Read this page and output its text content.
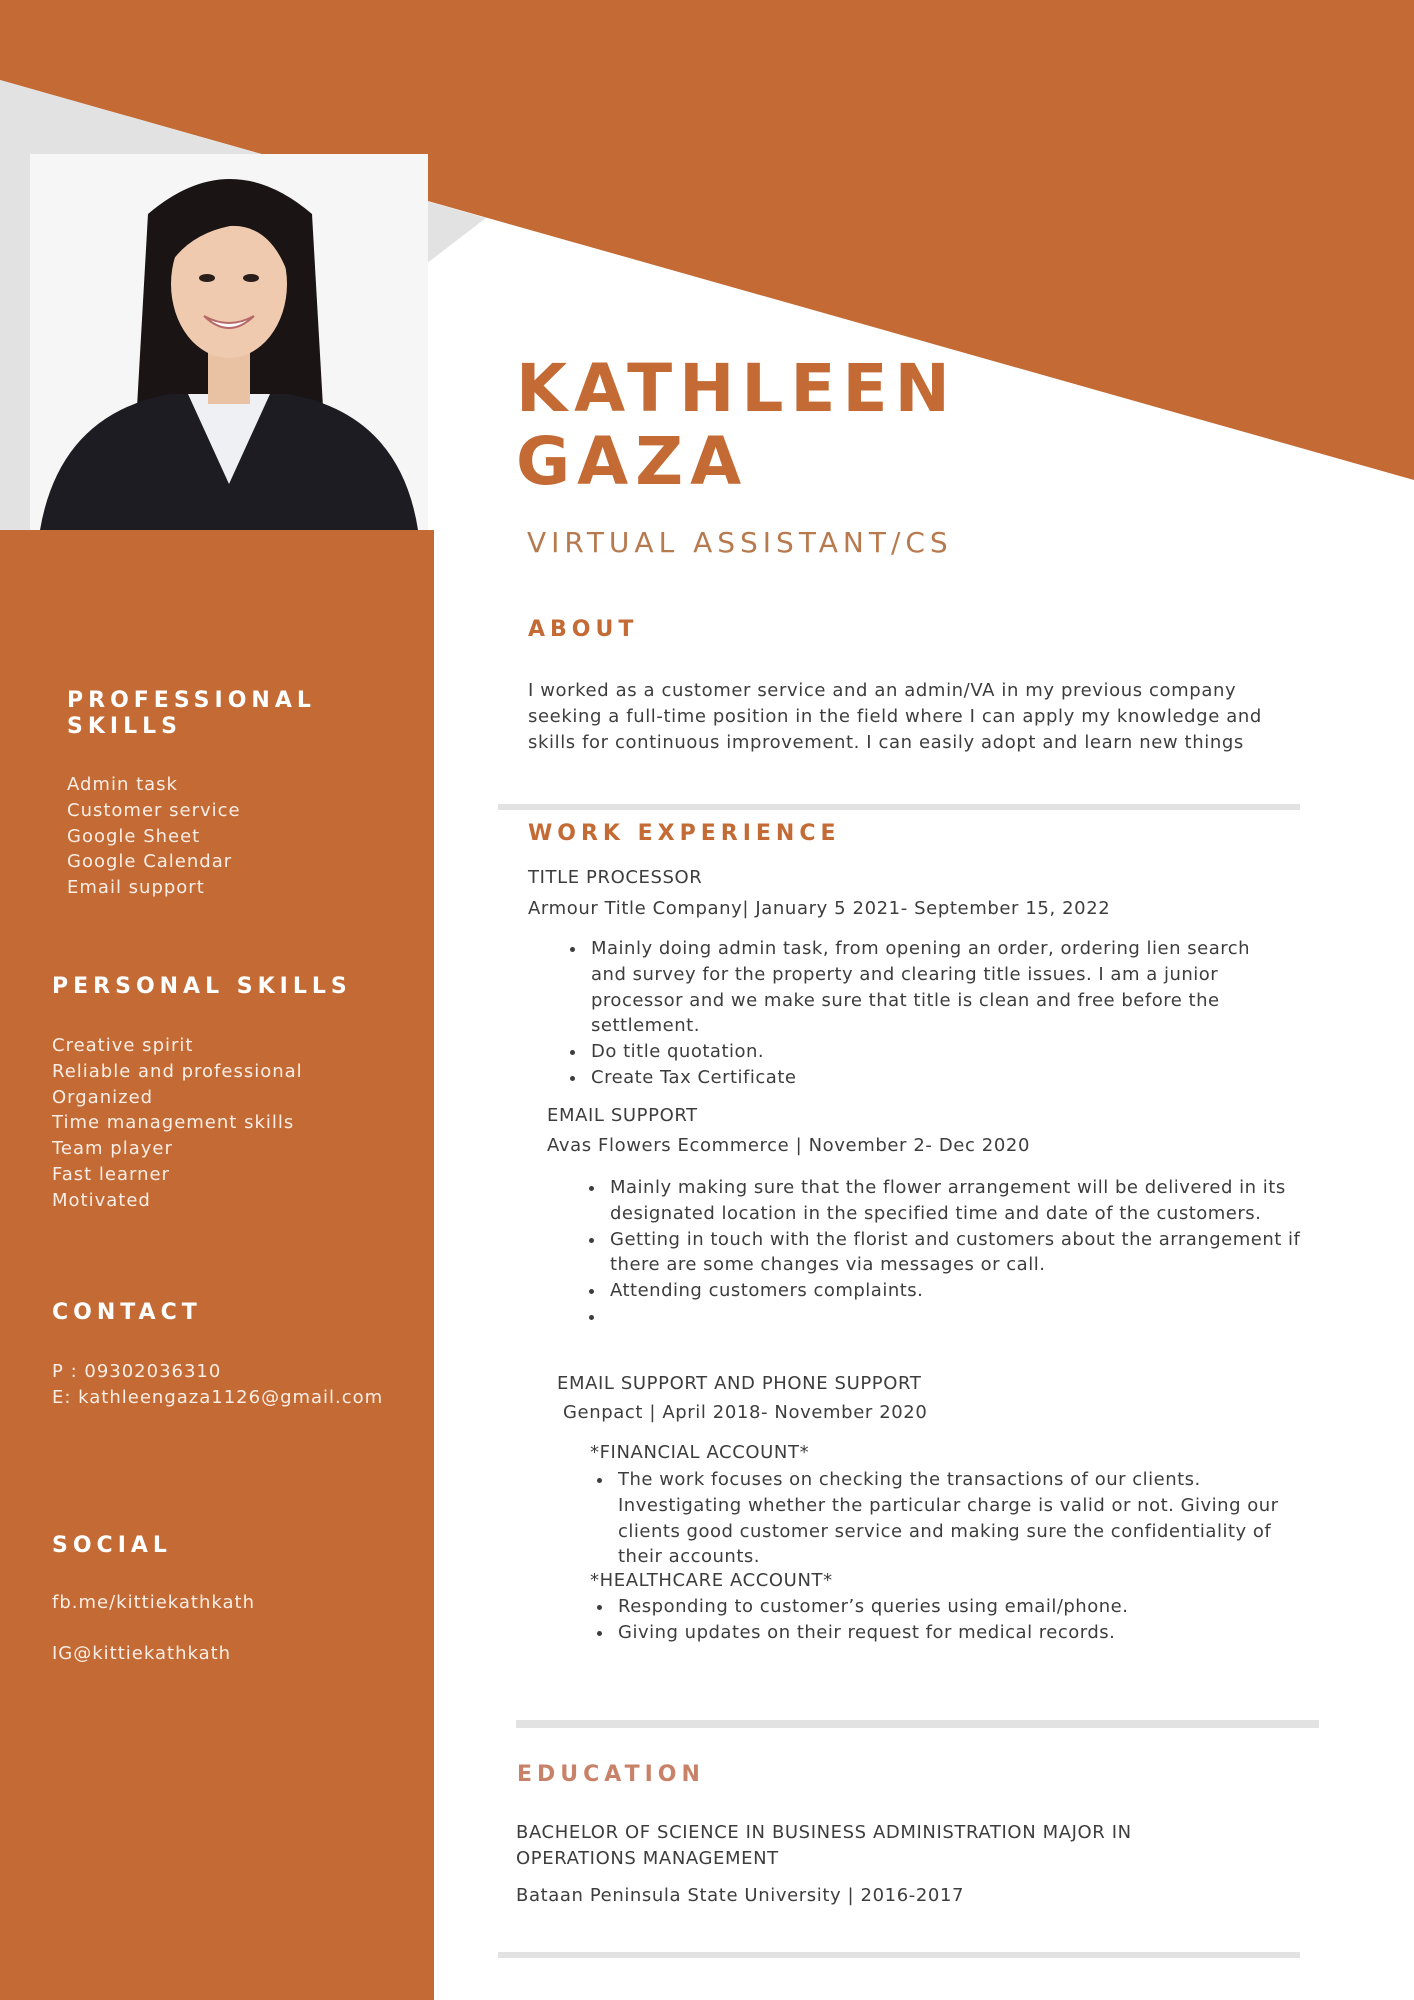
KATHLEEN
GAZA

VIRTUAL ASSISTANT/CS

PROFESSIONAL
SKILLS
Admin task
Customer service
Google Sheet
Google Calendar
Email support
PERSONAL SKILLS
Creative spirit
Reliable and professional
Organized
Time management skills
Team player
Fast learner
Motivated
CONTACT

P : 09302036310

E: kathleengaza1126@gmail.com

SOCIAL

fb.me/kittiekathkath

IG@kittiekathkath

ABOUT

I worked as a customer service and an admin/VA in my previous company
seeking a full-time position in the field where I can apply my knowledge and
skills for continuous improvement. I can easily adopt and learn new things

WORK EXPERIENCE

TITLE PROCESSOR

Armour Title Company| January 5 2021- September 15, 2022

• Mainly doing admin task, from opening an order, ordering lien search and survey for the property and clearing title issues. I am a junior processor and we make sure that title is clean and free before the settlement.
• Do title quotation.
• Create Tax Certificate

EMAIL SUPPORT

Avas Flowers Ecommerce | November 2- Dec 2020

• Mainly making sure that the flower arrangement will be delivered in its designated location in the specified time and date of the customers.
• Getting in touch with the florist and customers about the arrangement if there are some changes via messages or call.
• Attending customers complaints.
•

EMAIL SUPPORT AND PHONE SUPPORT

Genpact | April 2018- November 2020

*FINANCIAL ACCOUNT*

• The work focuses on checking the transactions of our clients. Investigating whether the particular charge is valid or not. Giving our clients good customer service and making sure the confidentiality of their accounts.

*HEALTHCARE ACCOUNT*

• Responding to customer’s queries using email/phone.
• Giving updates on their request for medical records.
EDUCATION

BACHELOR OF SCIENCE IN BUSINESS ADMINISTRATION MAJOR IN
OPERATIONS MANAGEMENT

Bataan Peninsula State University | 2016-2017
